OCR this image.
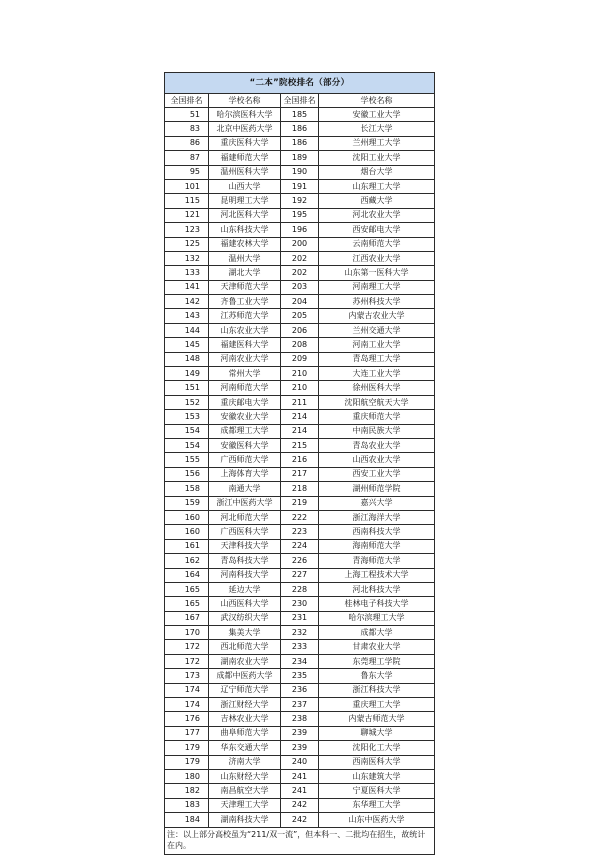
“二本”院校排名（部分）			
全国排名	学校名称	全国排名	学校名称
51	哈尔滨医科大学	185	安徽工业大学
83	北京中医药大学	186	长江大学
86	重庆医科大学	186	兰州理工大学
87	福建师范大学	189	沈阳工业大学
95	温州医科大学	190	烟台大学
101	山西大学	191	山东理工大学
115	昆明理工大学	192	西藏大学
121	河北医科大学	195	河北农业大学
123	山东科技大学	196	西安邮电大学
125	福建农林大学	200	云南师范大学
132	温州大学	202	江西农业大学
133	湖北大学	202	山东第一医科大学
141	天津师范大学	203	河南理工大学
142	齐鲁工业大学	204	苏州科技大学
143	江苏师范大学	205	内蒙古农业大学
144	山东农业大学	206	兰州交通大学
145	福建医科大学	208	河南工业大学
148	河南农业大学	209	青岛理工大学
149	常州大学	210	大连工业大学
151	河南师范大学	210	徐州医科大学
152	重庆邮电大学	211	沈阳航空航天大学
153	安徽农业大学	214	重庆师范大学
154	成都理工大学	214	中南民族大学
154	安徽医科大学	215	青岛农业大学
155	广西师范大学	216	山西农业大学
156	上海体育大学	217	西安工业大学
158	南通大学	218	湖州师范学院
159	浙江中医药大学	219	嘉兴大学
160	河北师范大学	222	浙江海洋大学
160	广西医科大学	223	西南科技大学
161	天津科技大学	224	海南师范大学
162	青岛科技大学	226	青海师范大学
164	河南科技大学	227	上海工程技术大学
165	延边大学	228	河北科技大学
165	山西医科大学	230	桂林电子科技大学
167	武汉纺织大学	231	哈尔滨理工大学
170	集美大学	232	成都大学
172	西北师范大学	233	甘肃农业大学
172	湖南农业大学	234	东莞理工学院
173	成都中医药大学	235	鲁东大学
174	辽宁师范大学	236	浙江科技大学
174	浙江财经大学	237	重庆理工大学
176	吉林农业大学	238	内蒙古师范大学
177	曲阜师范大学	239	聊城大学
179	华东交通大学	239	沈阳化工大学
179	济南大学	240	西南医科大学
180	山东财经大学	241	山东建筑大学
182	南昌航空大学	241	宁夏医科大学
183	天津理工大学	242	东华理工大学
184	湖南科技大学	242	山东中医药大学
注：以上部分高校虽为“211/双一流”，但本科一、二批均在招生，故统计在内。			
